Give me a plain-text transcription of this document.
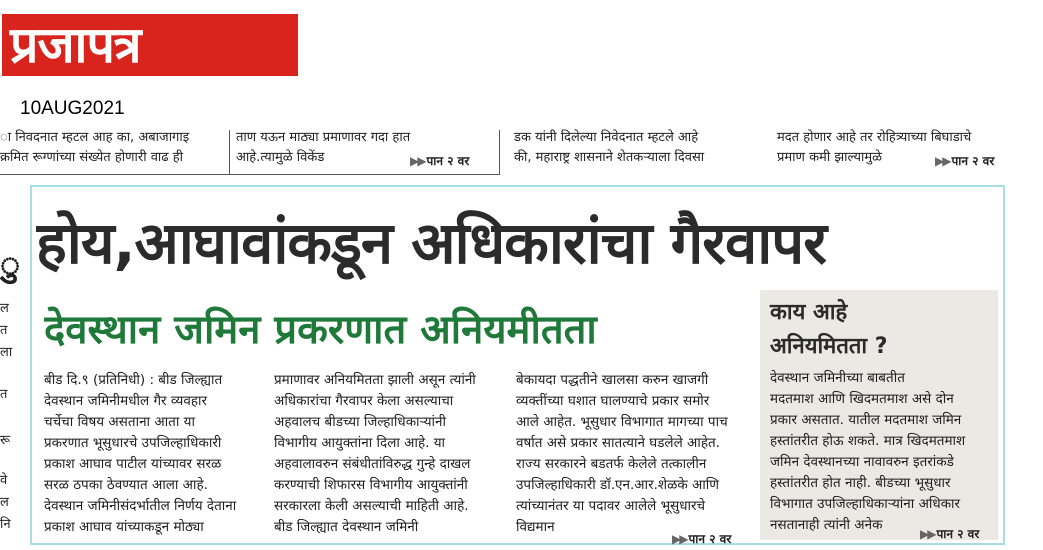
प्रजापत्र
10AUG2021
ा निवदनात म्हटल आह का, अबाजागाइ
क्रमित रूग्णांच्या संख्येत होणारी वाढ ही
ताण यऊन माठ्या प्रमाणावर गदा हात
आहे.त्यामुळे विकेंड	▶▶ पान २ वर
डक यांनी दिलेल्या निवेदनात म्हटले आहे
की, महाराष्ट्र शासनाने शेतकऱ्याला दिवसा
मदत होणार आहे तर रोहित्र्याच्या बिघाडाचे
प्रमाण कमी झाल्यामुळे	▶▶ पान २ वर
ु
ल
त
ला
त
रू
वे
ल
नि
होय,आघावांकडून अधिकारांचा गैरवापर
देवस्थान जमिन प्रकरणात अनियमीतता
बीड दि.९ (प्रतिनिधी) : बीड जिल्ह्यात
देवस्थान जमिनीमधील गैर व्यवहार
चर्चेचा विषय असताना आता या
प्रकरणात भूसुधारचे उपजिल्हाधिकारी
प्रकाश आघाव पाटील यांच्यावर सरळ
सरळ ठपका ठेवण्यात आला आहे.
देवस्थान जमिनीसंदर्भातील निर्णय देताना
प्रकाश आघाव यांच्याकडून मोठ्या
प्रमाणावर अनियमितता झाली असून त्यांनी
अधिकारांचा गैरवापर केला असल्याचा
अहवालच बीडच्या जिल्हाधिकाऱ्यांनी
विभागीय आयुक्तांना दिला आहे. या
अहवालावरुन संबंधीतांविरुद्ध गुन्हे दाखल
करण्याची शिफारस विभागीय आयुक्तांनी
सरकारला केली असल्याची माहिती आहे.
बीड जिल्ह्यात देवस्थान जमिनी
बेकायदा पद्धतीने खालसा करुन खाजगी
व्यक्तींच्या घशात घालण्याचे प्रकार समोर
आले आहेत. भूसुधार विभागात मागच्या पाच
वर्षात असे प्रकार सातत्याने घडलेले आहेत.
राज्य सरकारने बडतर्फ केलेले तत्कालीन
उपजिल्हाधिकारी डॉ.एन.आर.शेळके आणि
त्यांच्यानंतर या पदावर आलेले भूसुधारचे
विद्यमान
▶▶ पान २ वर
काय आहे
अनियमितता ?
देवस्थान जमिनीच्या बाबतीत
मदतमाश आणि खिदमतमाश असे दोन
प्रकार असतात. यातील मदतमाश जमिन
हस्तांतरीत होऊ शकते. मात्र खिदमतमाश
जमिन देवस्थानच्या नावावरुन इतरांकडे
हस्तांतरीत होत नाही. बीडच्या भूसुधार
विभागात उपजिल्हाधिकाऱ्यांना अधिकार
नसतानाही त्यांनी अनेक
▶▶ पान २ वर
